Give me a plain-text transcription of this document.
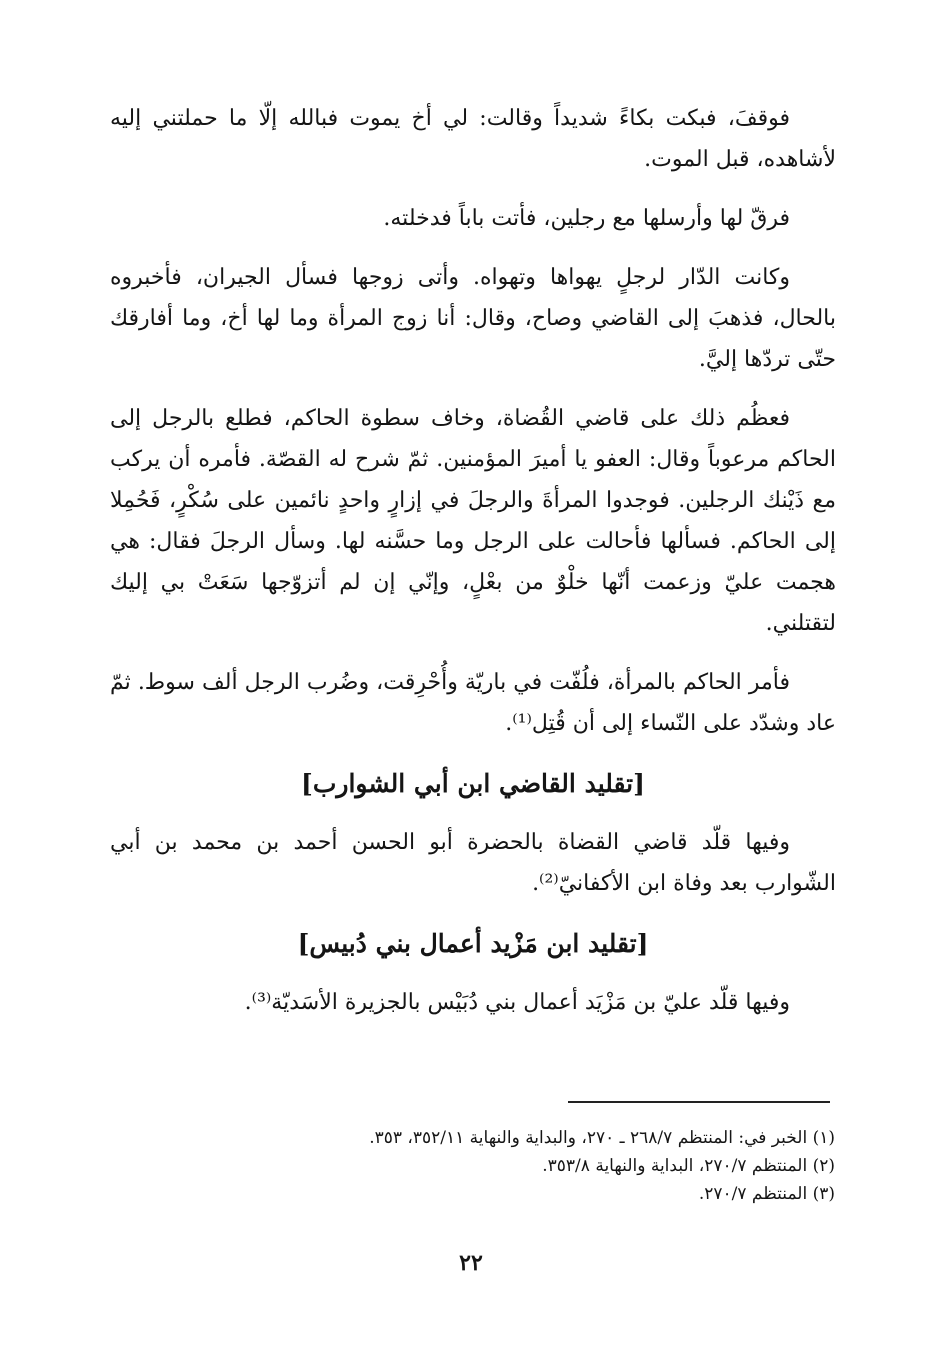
فوقفَ، فبكت بكاءً شديداً وقالت: لي أخ يموت فبالله إلّا ما حملتني إليه لأشاهده، قبل الموت.

فرقّ لها وأرسلها مع رجلين، فأتت باباً فدخلته.

وكانت الدّار لرجلٍ يهواها وتهواه. وأتى زوجها فسأل الجيران، فأخبروه بالحال، فذهبَ إلى القاضي وصاح، وقال: أنا زوج المرأة وما لها أخ، وما أفارقك حتّى تردّها إليَّ.

فعظُم ذلك على قاضي القُضاة، وخاف سطوة الحاكم، فطلع بالرجل إلى الحاكم مرعوباً وقال: العفو يا أميرَ المؤمنين. ثمّ شرح له القصّة. فأمره أن يركب مع ذَيْنك الرجلين. فوجدوا المرأةَ والرجلَ في إزارٍ واحدٍ نائمين على سُكْرٍ، فَحُمِلا إلى الحاكم. فسألها فأحالت على الرجل وما حسَّنه لها. وسأل الرجلَ فقال: هي هجمت عليّ وزعمت أنّها خلْوٌ من بعْلٍ، وإنّي إن لم أتزوّجها سَعَتْ بي إليك لتقتلني.

فأمر الحاكم بالمرأة، فلُفّت في باريّة وأُحْرِقت، وضُرب الرجل ألف سوط. ثمّ عاد وشدّد على النّساء إلى أن قُتِل⁽¹⁾.

[تقليد القاضي ابن أبي الشوارب]

وفيها قلّد قاضي القضاة بالحضرة أبو الحسن أحمد بن محمد بن أبي الشّوارب بعد وفاة ابن الأكفانيّ⁽²⁾.

[تقليد ابن مَزْيد أعمال بني دُبيس]

وفيها قلّد عليّ بن مَزْيَد أعمال بني دُبَيْس بالجزيرة الأسَديّة⁽³⁾.

(١) الخبر في: المنتظم ٢٦٨/٧ ـ ٢٧٠، والبداية والنهاية ٣٥٢/١١، ٣٥٣.
(٢) المنتظم ٢٧٠/٧، البداية والنهاية ٣٥٣/٨.
(٣) المنتظم ٢٧٠/٧.
٢٢
